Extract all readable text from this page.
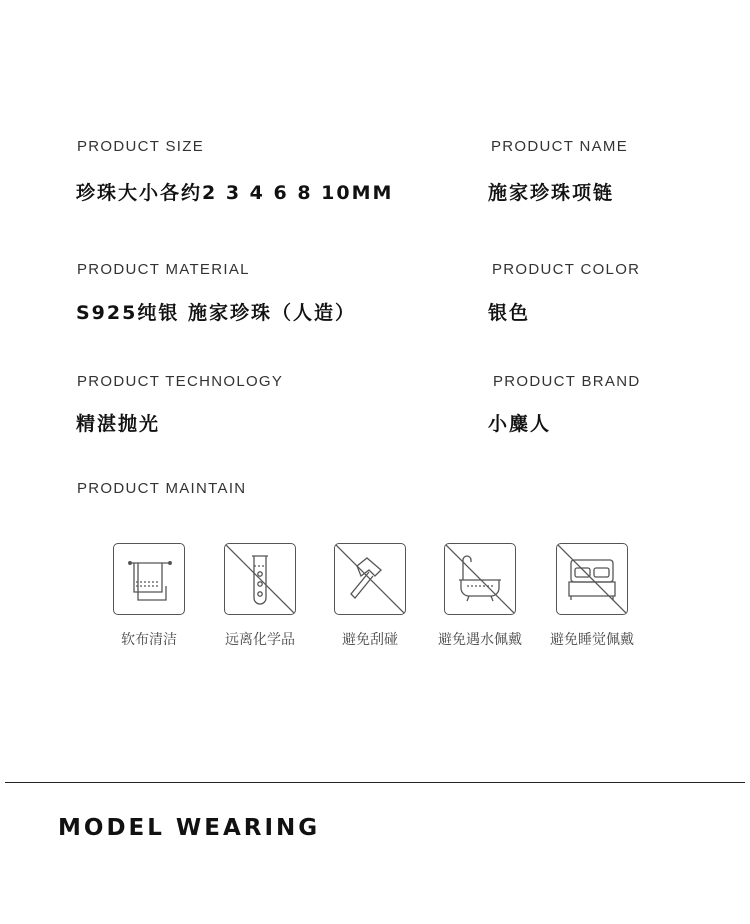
PRODUCT SIZE
珍珠大小各约2 3 4 6 8 10MM
PRODUCT NAME
施家珍珠项链
PRODUCT MATERIAL
S925纯银 施家珍珠（人造）
PRODUCT COLOR
银色
PRODUCT TECHNOLOGY
精湛抛光
PRODUCT BRAND
小麋人
PRODUCT MAINTAIN
软布清洁	远离化学品	避免刮碰	避免遇水佩戴	避免睡觉佩戴
MODEL WEARING
